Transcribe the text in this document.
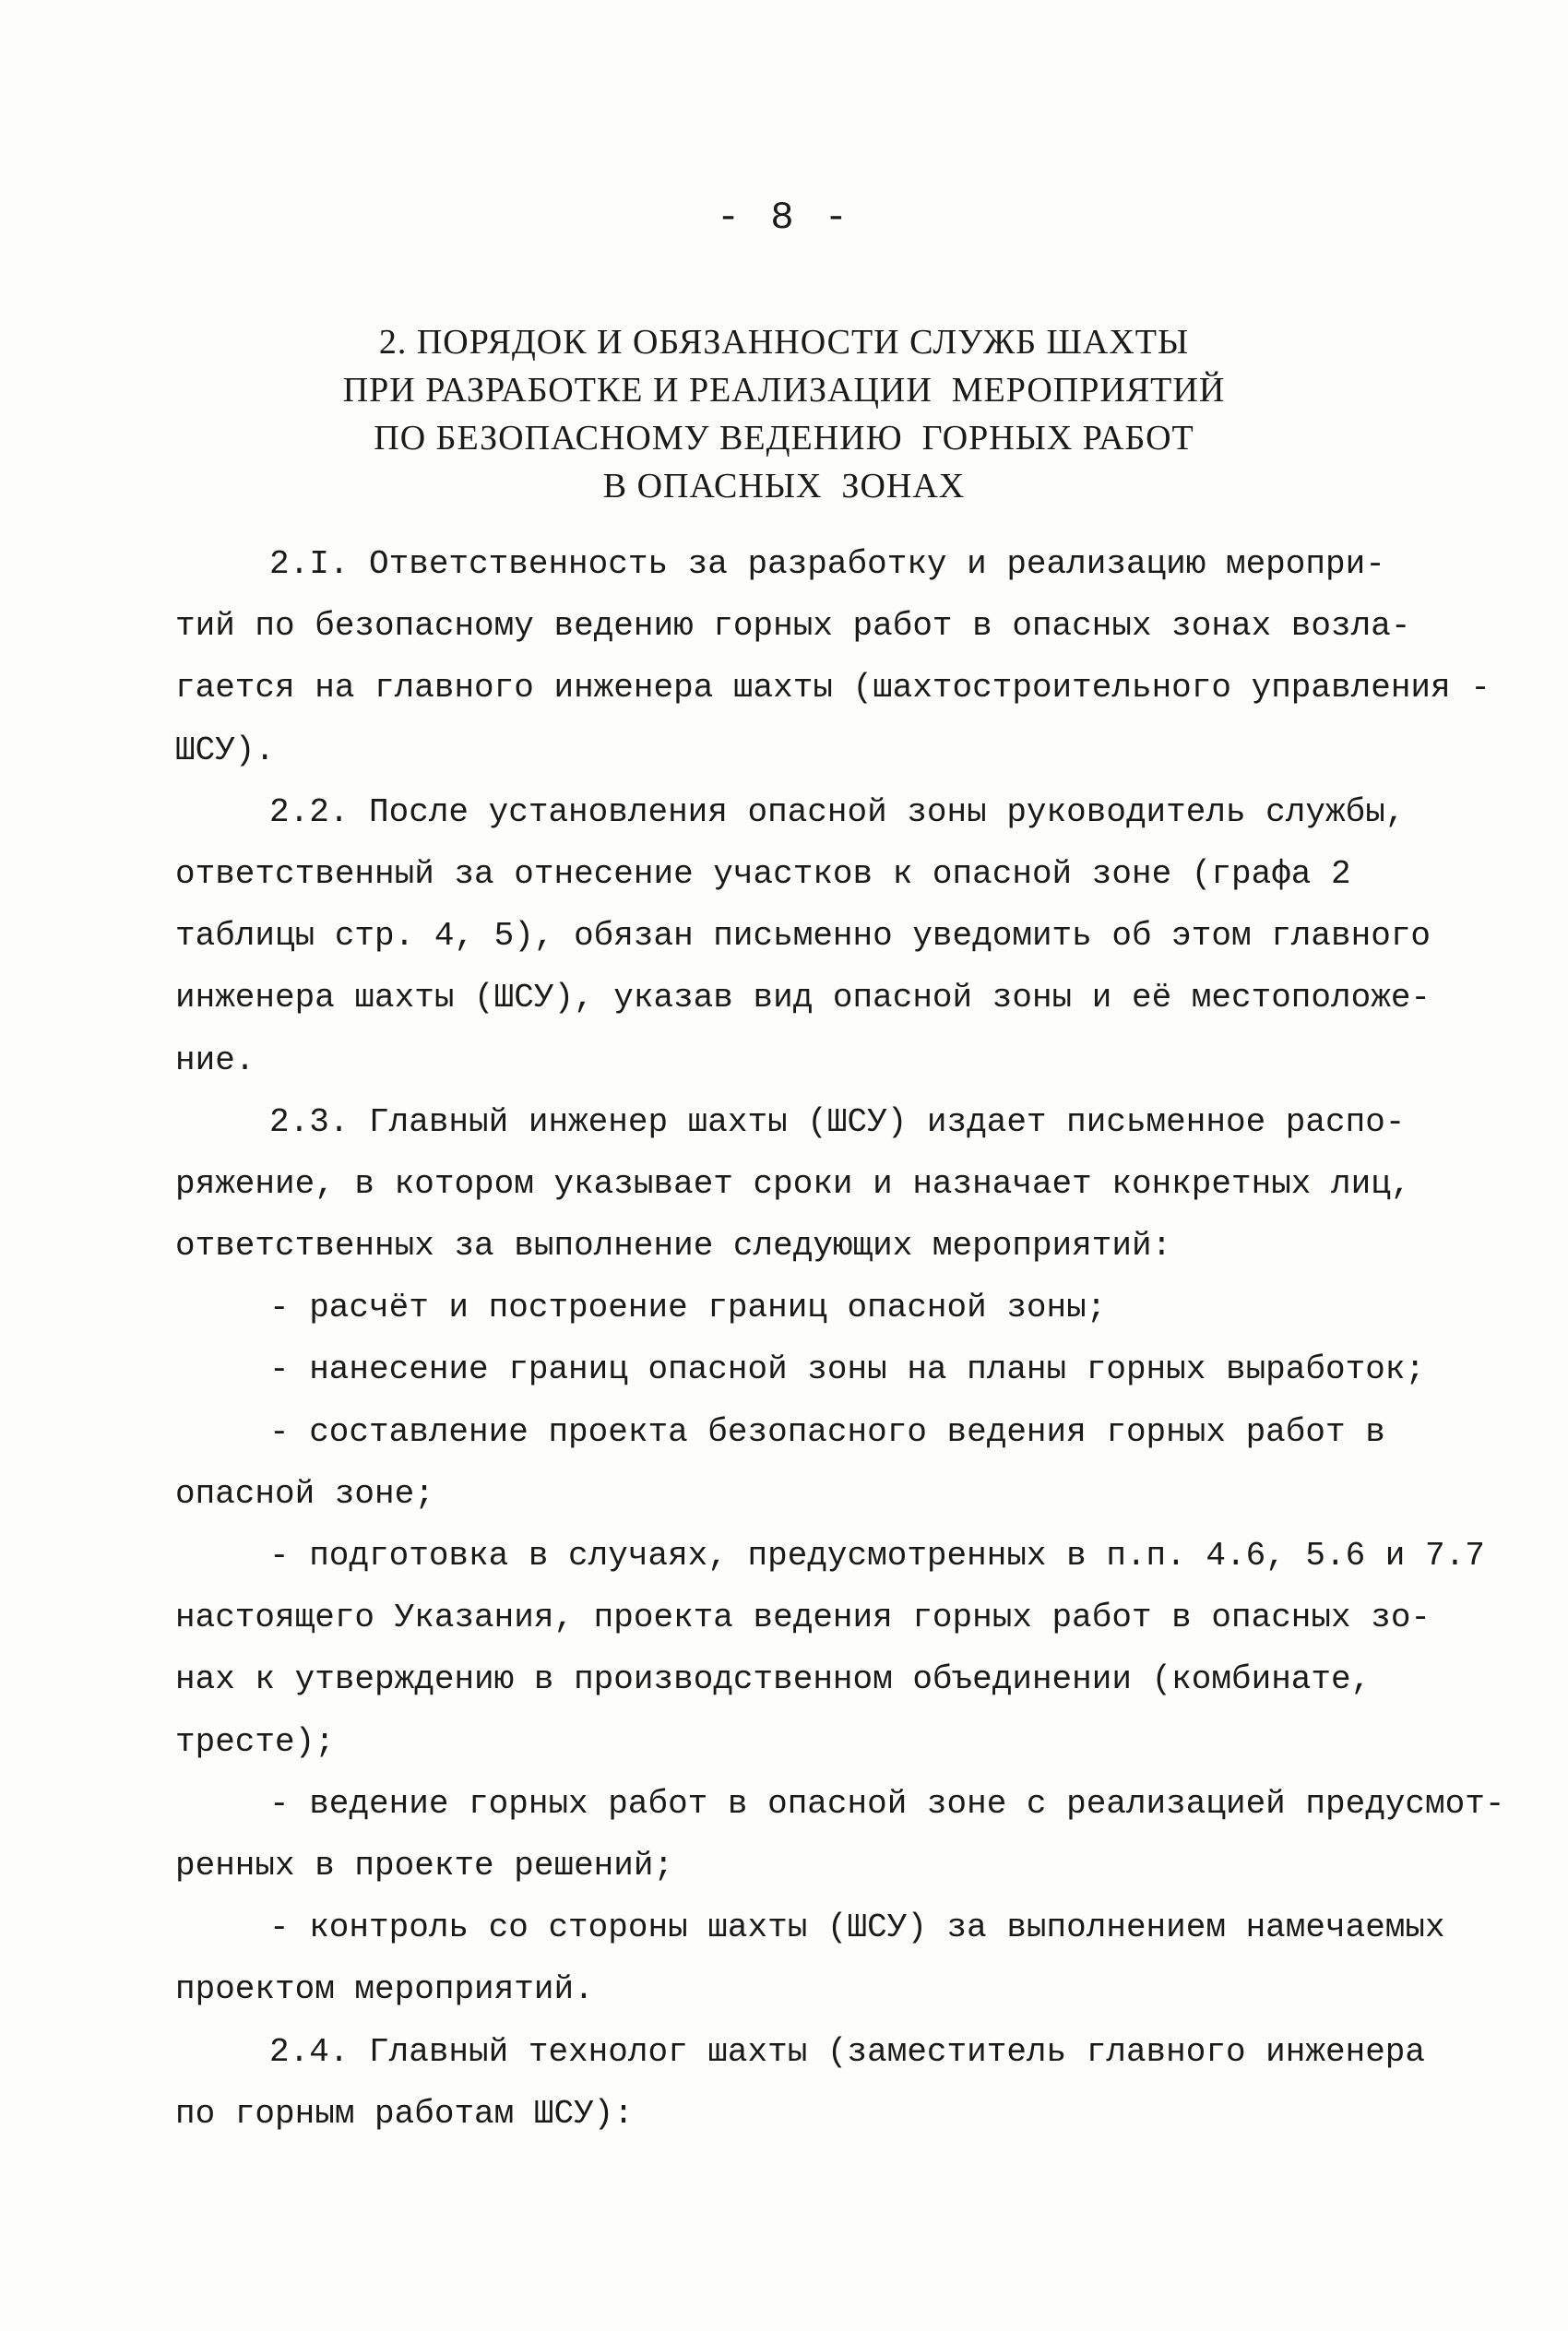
- 8 -
2. ПОРЯДОК И ОБЯЗАННОСТИ СЛУЖБ ШАХТЫ
ПРИ РАЗРАБОТКЕ И РЕАЛИЗАЦИИ  МЕРОПРИЯТИЙ
ПО БЕЗОПАСНОМУ ВЕДЕНИЮ  ГОРНЫХ РАБОТ
В ОПАСНЫХ  ЗОНАХ
2.I. Ответственность за разработку и реализацию меропри-
тий по безопасному ведению горных работ в опасных зонах возла-
гается на главного инженера шахты (шахтостроительного управления -
ШСУ).
2.2. После установления опасной зоны руководитель службы,
ответственный за отнесение участков к опасной зоне (графа 2
таблицы стр. 4, 5), обязан письменно уведомить об этом главного
инженера шахты (ШСУ), указав вид опасной зоны и её местоположе-
ние.
2.3. Главный инженер шахты (ШСУ) издает письменное распо-
ряжение, в котором указывает сроки и назначает конкретных лиц,
ответственных за выполнение следующих мероприятий:
- расчёт и построение границ опасной зоны;
- нанесение границ опасной зоны на планы горных выработок;
- составление проекта безопасного ведения горных работ в
опасной зоне;
- подготовка в случаях, предусмотренных в п.п. 4.6, 5.6 и 7.7
настоящего Указания, проекта ведения горных работ в опасных зо-
нах к утверждению в производственном объединении (комбинате,
тресте);
- ведение горных работ в опасной зоне с реализацией предусмот-
ренных в проекте решений;
- контроль со стороны шахты (ШСУ) за выполнением намечаемых
проектом мероприятий.
2.4. Главный технолог шахты (заместитель главного инженера
по горным работам ШСУ):
